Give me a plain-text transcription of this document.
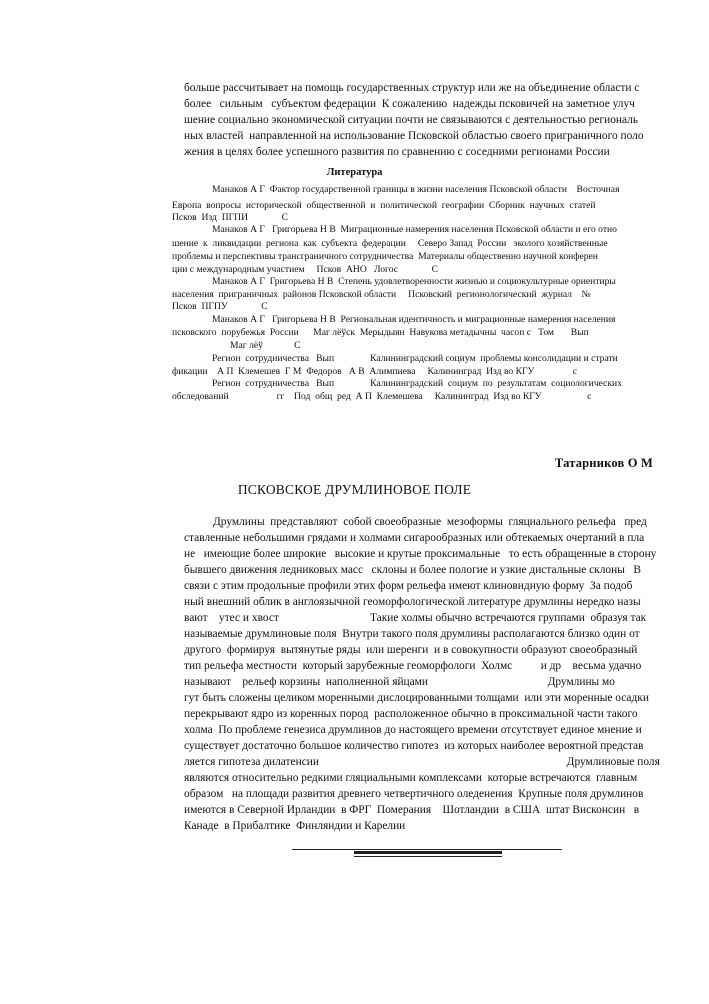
больше рассчитывает на помощь государственных структур или же на объединение области с
более   сильным   субъектом федерации  К сожалению  надежды псковичей на заметное улуч
шение социально экономической ситуации почти не связываются с деятельностью региональ
ных властей  направленной на использование Псковской областью своего приграничного поло
жения в целях более успешного развития по сравнению с соседними регионами России
Литература
Манаков А Г  Фактор государственной границы в жизни населения Псковской области    Восточная
Европа  вопросы  исторической  общественной  и  политической  географии  Сборник  научных  статей
Псков  Изд  ПГПИ              С
Манаков А Г   Григорьева Н В  Миграционные намерения населения Псковской области и его отно
шение  к  ликвидации  региона  как  субъекта  федерации     Северо Запад  России   эколого хозяйственные
проблемы и перспективы трансграничного сотрудничества  Материалы общественно научной конферен
ции с международным участием     Псков  АНО   Логос              С
Манаков А Г  Григорьева Н В  Степень удовлетворенности жизнью и социокультурные ориентиры
населения  приграничных  районов Псковской области     Псковский  регионологический  журнал    №
Псков  ПГПУ              С
Манаков А Г   Григорьева Н В  Региональная идентичность и миграционные намерения населения
псковского  порубежья  России      Маг лёўск  Мерыдыян  Навукова метадычны  часоп с   Том       Вып
Маг лёў             С
Регион  сотрудничества   Вып               Калининградский социум  проблемы консолидации и страти
фикации    А П  Клемешев  Г М  Федоров   А В  Алимпиева     Калининград  Изд во КГУ                с
Регион  сотрудничества   Вып               Калининградский  социум  по  результатам  социологических
обследований                    гг    Под  общ  ред  А П  Клемешева     Калининград  Изд во КГУ                   с
Татарников О М
ПСКОВСКОЕ ДРУМЛИНОВОЕ ПОЛЕ
Друмлины  представляют  собой своеобразные  мезоформы  гляциального рельефа   пред
ставленные небольшими грядами и холмами сигарообразных или обтекаемых очертаний в пла
не   имеющие более широкие   высокие и крутые проксимальные   то есть обращенные в сторону
бывшего движения ледниковых масс   склоны и более пологие и узкие дистальные склоны   В
связи с этим продольные профили этих форм рельефа имеют клиновидную форму  За подоб
ный внешний облик в англоязычной геоморфологической литературе друмлины нередко назы
вают    утес и хвост                                Такие холмы обычно встречаются группами  образуя так
называемые друмлиновые поля  Внутри такого поля друмлины располагаются близко один от
другого  формируя  вытянутые ряды  или шеренги  и в совокупности образуют своеобразный
тип рельефа местности  который зарубежные геоморфологи  Холмс          и др    весьма удачно
называют    рельеф корзины  наполненной яйцами                                          Друмлины мо
гут быть сложены целиком моренными дислоцированными толщами  или эти моренные осадки
перекрывают ядро из коренных пород  расположенное обычно в проксимальной части такого
холма  По проблеме генезиса друмлинов до настоящего времени отсутствует единое мнение и
существует достаточно большое количество гипотез  из которых наиболее вероятной представ
ляется гипотеза дилатенсии                                                                                       Друмлиновые поля
являются относительно редкими гляциальными комплексами  которые встречаются  главным
образом   на площади развития древнего четвертичного оледенения  Крупные поля друмлинов
имеются в Северной Ирландии  в ФРГ  Померания    Шотландии  в США  штат Висконсин   в
Канаде  в Прибалтике  Финляндии и Карелии
